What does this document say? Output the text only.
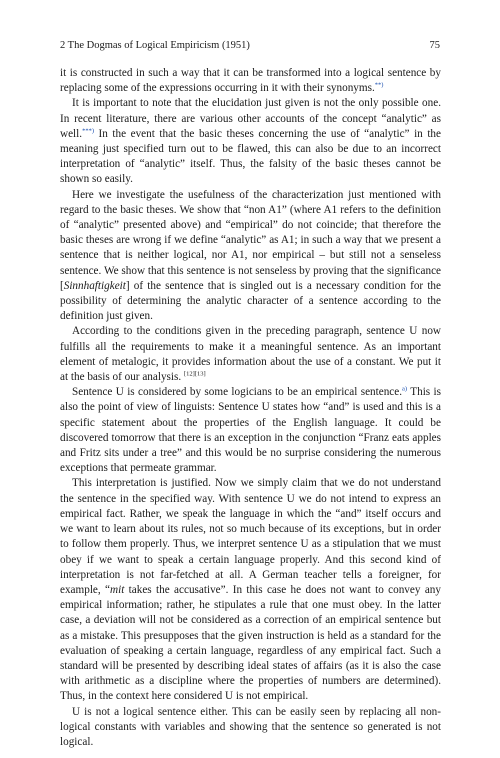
2 The Dogmas of Logical Empiricism (1951)	75

it is constructed in such a way that it can be transformed into a logical sentence by replacing some of the expressions occurring in it with their synonyms.**)

It is important to note that the elucidation just given is not the only possible one. In recent literature, there are various other accounts of the concept “analytic” as well.***) In the event that the basic theses concerning the use of “analytic” in the meaning just specified turn out to be flawed, this can also be due to an incorrect interpretation of “analytic” itself. Thus, the falsity of the basic theses cannot be shown so easily.

Here we investigate the usefulness of the characterization just mentioned with regard to the basic theses. We show that “non A1” (where A1 refers to the definition of “analytic” presented above) and “empirical” do not coincide; that therefore the basic theses are wrong if we define “analytic” as A1; in such a way that we present a sentence that is neither logical, nor A1, nor empirical – but still not a senseless sentence. We show that this sentence is not senseless by proving that the significance [Sinnhaftigkeit] of the sentence that is singled out is a necessary condition for the possibility of determining the analytic character of a sentence according to the definition just given.

According to the conditions given in the preceding paragraph, sentence U now fulfills all the requirements to make it a meaningful sentence. As an important element of metalogic, it provides information about the use of a constant. We put it at the basis of our analysis. [12][13]

Sentence U is considered by some logicians to be an empirical sentence.$^{a)}$ This is also the point of view of linguists: Sentence U states how “and” is used and this is a specific statement about the properties of the English language. It could be discovered tomorrow that there is an exception in the conjunction “Franz eats apples and Fritz sits under a tree” and this would be no surprise considering the numerous exceptions that permeate grammar.

This interpretation is justified. Now we simply claim that we do not understand the sentence in the specified way. With sentence U we do not intend to express an empirical fact. Rather, we speak the language in which the “and” itself occurs and we want to learn about its rules, not so much because of its exceptions, but in order to follow them properly. Thus, we interpret sentence U as a stipulation that we must obey if we want to speak a certain language properly. And this second kind of interpretation is not far-fetched at all. A German teacher tells a foreigner, for example, “mit takes the accusative”. In this case he does not want to convey any empirical information; rather, he stipulates a rule that one must obey. In the latter case, a deviation will not be considered as a correction of an empirical sentence but as a mistake. This presupposes that the given instruction is held as a standard for the evaluation of speaking a certain language, regardless of any empirical fact. Such a standard will be presented by describing ideal states of affairs (as it is also the case with arithmetic as a discipline where the properties of numbers are determined). Thus, in the context here considered U is not empirical.

U is not a logical sentence either. This can be easily seen by replacing all non-logical constants with variables and showing that the sentence so generated is not logical.
